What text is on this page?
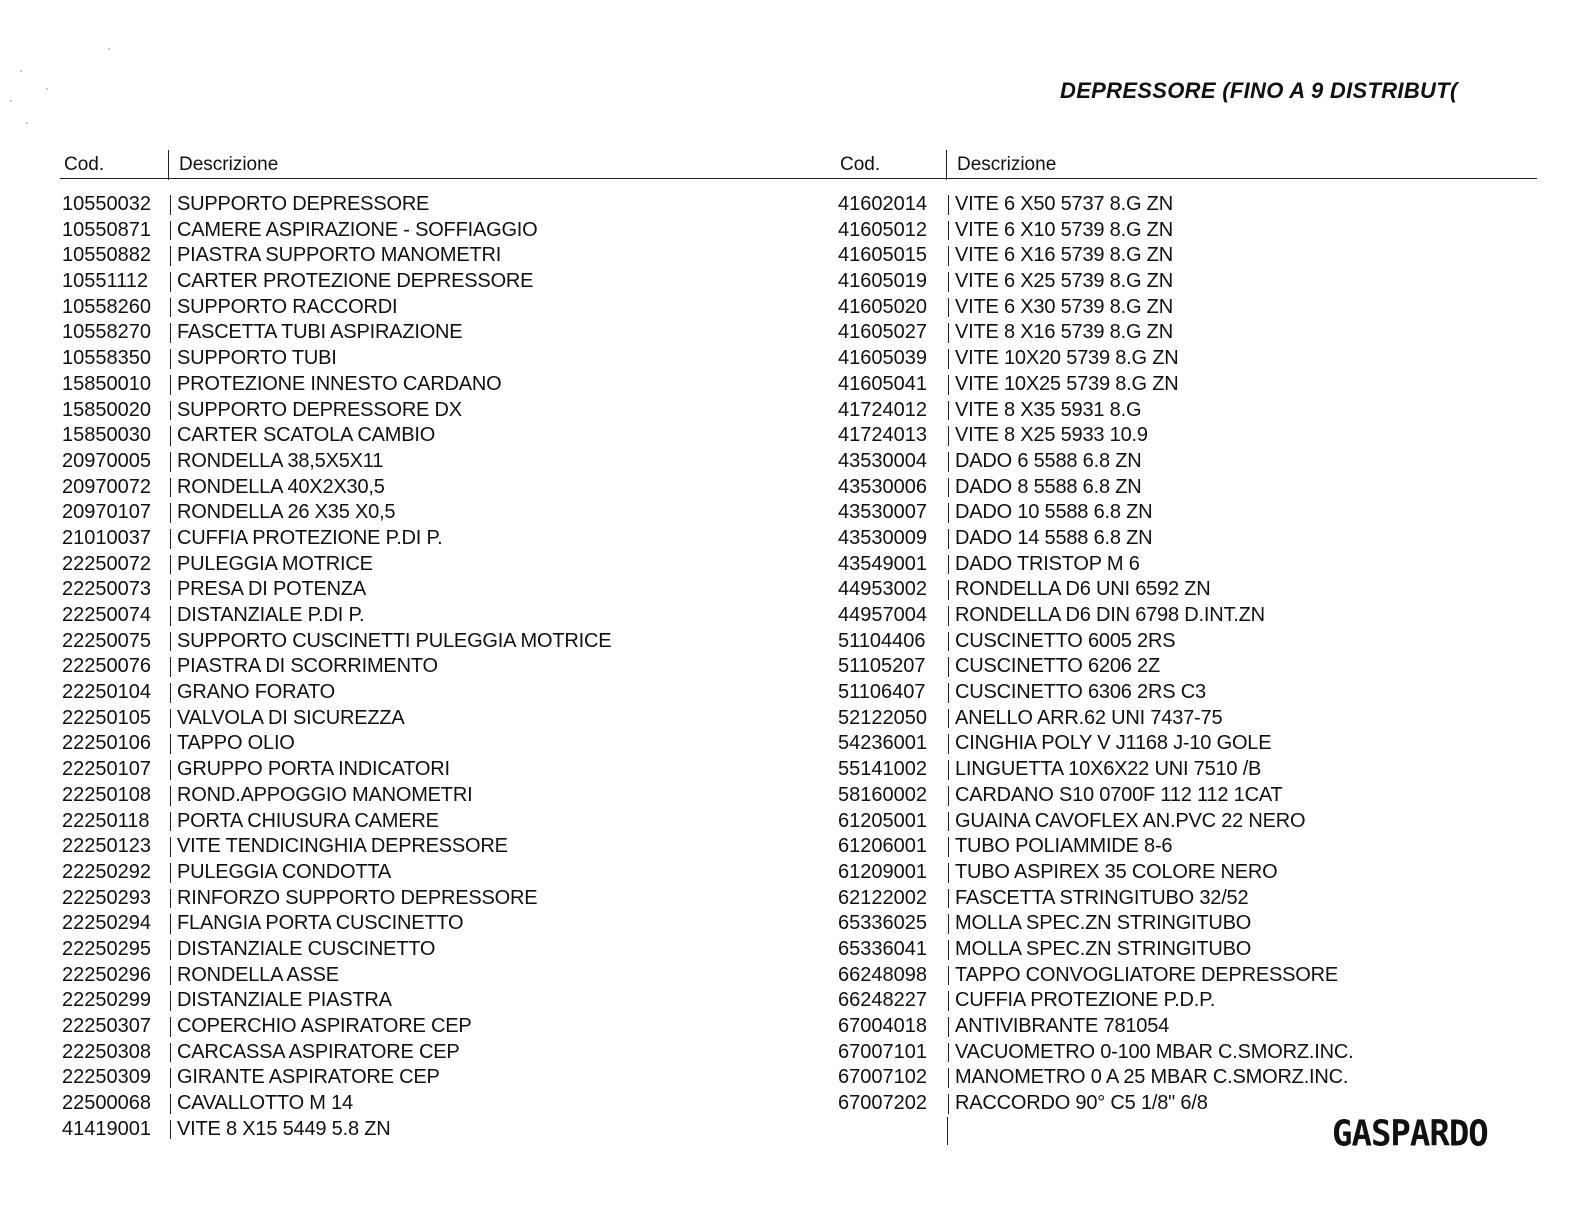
DEPRESSORE (FINO A 9 DISTRIBUT(
Cod.	Descrizione
10550032	SUPPORTO DEPRESSORE
10550871	CAMERE ASPIRAZIONE - SOFFIAGGIO
10550882	PIASTRA SUPPORTO MANOMETRI
10551112	CARTER PROTEZIONE DEPRESSORE
10558260	SUPPORTO RACCORDI
10558270	FASCETTA TUBI ASPIRAZIONE
10558350	SUPPORTO TUBI
15850010	PROTEZIONE INNESTO CARDANO
15850020	SUPPORTO DEPRESSORE DX
15850030	CARTER SCATOLA CAMBIO
20970005	RONDELLA 38,5X5X11
20970072	RONDELLA 40X2X30,5
20970107	RONDELLA 26 X35 X0,5
21010037	CUFFIA PROTEZIONE P.DI P.
22250072	PULEGGIA MOTRICE
22250073	PRESA DI POTENZA
22250074	DISTANZIALE P.DI P.
22250075	SUPPORTO CUSCINETTI PULEGGIA MOTRICE
22250076	PIASTRA DI SCORRIMENTO
22250104	GRANO FORATO
22250105	VALVOLA DI SICUREZZA
22250106	TAPPO OLIO
22250107	GRUPPO PORTA INDICATORI
22250108	ROND.APPOGGIO MANOMETRI
22250118	PORTA CHIUSURA CAMERE
22250123	VITE TENDICINGHIA DEPRESSORE
22250292	PULEGGIA CONDOTTA
22250293	RINFORZO SUPPORTO DEPRESSORE
22250294	FLANGIA PORTA CUSCINETTO
22250295	DISTANZIALE CUSCINETTO
22250296	RONDELLA ASSE
22250299	DISTANZIALE PIASTRA
22250307	COPERCHIO ASPIRATORE CEP
22250308	CARCASSA ASPIRATORE CEP
22250309	GIRANTE ASPIRATORE CEP
22500068	CAVALLOTTO M 14
41419001	VITE 8 X15 5449 5.8 ZN
Cod.	Descrizione
41602014	VITE 6 X50 5737 8.G ZN
41605012	VITE 6 X10 5739 8.G ZN
41605015	VITE 6 X16 5739 8.G ZN
41605019	VITE 6 X25 5739 8.G ZN
41605020	VITE 6 X30 5739 8.G ZN
41605027	VITE 8 X16 5739 8.G ZN
41605039	VITE 10X20 5739 8.G ZN
41605041	VITE 10X25 5739 8.G ZN
41724012	VITE 8 X35 5931 8.G
41724013	VITE 8 X25 5933 10.9
43530004	DADO 6 5588 6.8 ZN
43530006	DADO 8 5588 6.8 ZN
43530007	DADO 10 5588 6.8 ZN
43530009	DADO 14 5588 6.8 ZN
43549001	DADO TRISTOP M 6
44953002	RONDELLA D6 UNI 6592 ZN
44957004	RONDELLA D6 DIN 6798 D.INT.ZN
51104406	CUSCINETTO 6005 2RS
51105207	CUSCINETTO 6206 2Z
51106407	CUSCINETTO 6306 2RS C3
52122050	ANELLO ARR.62 UNI 7437-75
54236001	CINGHIA POLY V J1168 J-10 GOLE
55141002	LINGUETTA 10X6X22 UNI 7510 /B
58160002	CARDANO S10 0700F 112 112 1CAT
61205001	GUAINA CAVOFLEX AN.PVC 22 NERO
61206001	TUBO POLIAMMIDE 8-6
61209001	TUBO ASPIREX 35 COLORE NERO
62122002	FASCETTA STRINGITUBO 32/52
65336025	MOLLA SPEC.ZN STRINGITUBO
65336041	MOLLA SPEC.ZN STRINGITUBO
66248098	TAPPO CONVOGLIATORE DEPRESSORE
66248227	CUFFIA PROTEZIONE P.D.P.
67004018	ANTIVIBRANTE 781054
67007101	VACUOMETRO 0-100 MBAR C.SMORZ.INC.
67007102	MANOMETRO 0 A 25 MBAR C.SMORZ.INC.
67007202	RACCORDO 90° C5 1/8" 6/8
GASPARDO
